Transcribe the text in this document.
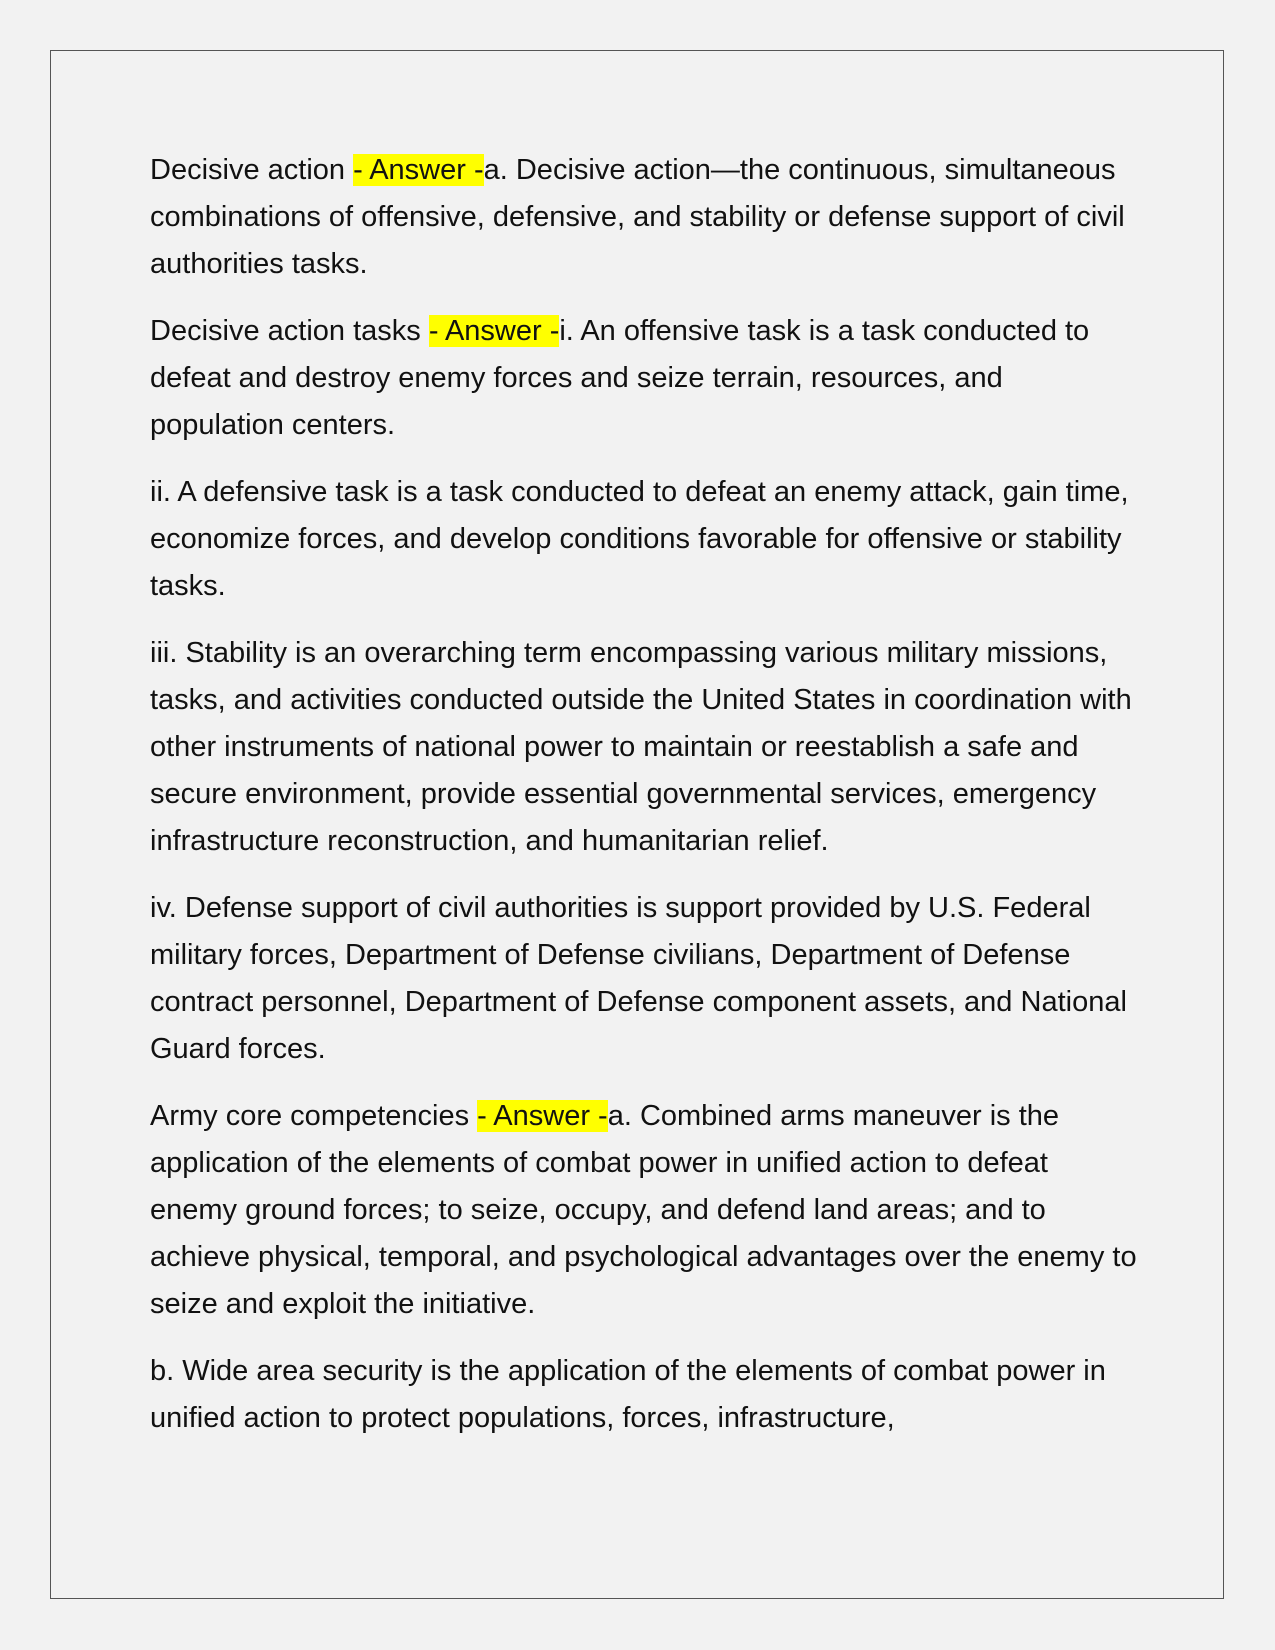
Decisive action - Answer -a. Decisive action—the continuous, simultaneous combinations of offensive, defensive, and stability or defense support of civil authorities tasks.

Decisive action tasks - Answer -i. An offensive task is a task conducted to defeat and destroy enemy forces and seize terrain, resources, and population centers.

ii. A defensive task is a task conducted to defeat an enemy attack, gain time, economize forces, and develop conditions favorable for offensive or stability tasks.

iii. Stability is an overarching term encompassing various military missions, tasks, and activities conducted outside the United States in coordination with other instruments of national power to maintain or reestablish a safe and secure environment, provide essential governmental services, emergency infrastructure reconstruction, and humanitarian relief.

iv. Defense support of civil authorities is support provided by U.S. Federal military forces, Department of Defense civilians, Department of Defense contract personnel, Department of Defense component assets, and National Guard forces.

Army core competencies - Answer -a. Combined arms maneuver is the application of the elements of combat power in unified action to defeat enemy ground forces; to seize, occupy, and defend land areas; and to achieve physical, temporal, and psychological advantages over the enemy to seize and exploit the initiative.

b. Wide area security is the application of the elements of combat power in unified action to protect populations, forces, infrastructure,
